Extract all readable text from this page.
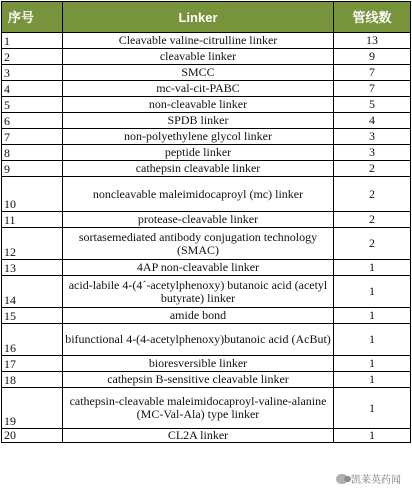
序号	Linker	管线数
1	Cleavable valine-citrulline linker	13
2	cleavable linker	9
3	SMCC	7
4	mc-val-cit-PABC	7
5	non-cleavable linker	5
6	SPDB linker	4
7	non-polyethylene glycol linker	3
8	peptide linker	3
9	cathepsin cleavable linker	2
10	noncleavable maleimidocaproyl (mc) linker	2
11	protease-cleavable linker	2
12	sortasemediated antibody conjugation technology (SMAC)	2
13	4AP non-cleavable linker	1
14	acid-labile 4-(4´-acetylphenoxy) butanoic acid (acetyl butyrate) linker	1
15	amide bond	1
16	bifunctional 4-(4-acetylphenoxy)butanoic acid (AcBut)	1
17	bioresversible linker	1
18	cathepsin B-sensitive cleavable linker	1
19	cathepsin-cleavable maleimidocaproyl-valine-alanine (MC-Val-Ala) type linker	1
20	CL2A linker	1
凯莱英药闻
